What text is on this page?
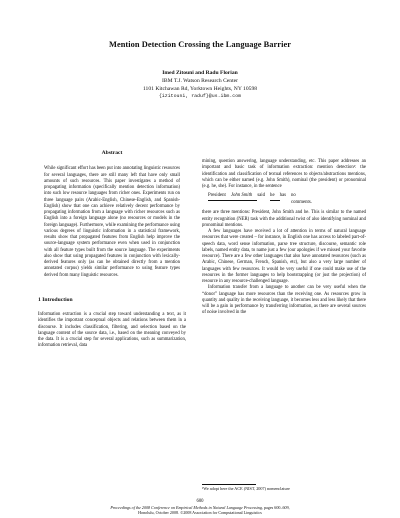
Mention Detection Crossing the Language Barrier
Imed Zitouni and Radu Florian
IBM T.J. Watson Research Center
1101 Kitchawan Rd, Yorktown Heights, NY 10598
{izitouni, raduf}@us.ibm.com
Abstract
While significant effort has been put into annotating linguistic resources for several languages, there are still many left that have only small amounts of such resources. This paper investigates a method of propagating information (specifically mention detection information) into such low resource languages from richer ones. Experiments run on three language pairs (Arabic-English, Chinese-English, and Spanish-English) show that one can achieve relatively decent performance by propagating information from a language with richer resources such as English into a foreign language alone (no resources or models in the foreign language). Furthermore, while examining the performance using various degrees of linguistic information in a statistical framework, results show that propagated features from English help improve the source-language system performance even when used in conjunction with all feature types built from the source language. The experiments also show that using propagated features in conjunction with lexically-derived features only (as can be obtained directly from a mention annotated corpus) yields similar performance to using feature types derived from many linguistic resources.
1 Introduction
Information extraction is a crucial step toward understanding a text, as it identifies the important conceptual objects and relations between them in a discourse. It includes classification, filtering, and selection based on the language content of the source data, i.e., based on the meaning conveyed by the data. It is a crucial step for several applications, such as summarization, information retrieval, data
mining, question answering, language understanding, etc. This paper addresses an important and basic task of information extraction: mention detection¹: the identification and classification of textual references to objects/abstractions mentions, which can be either named (e.g. John Smith), nominal (the president) or pronominal (e.g. he, she). For instance, in the sentence
President	John Smith	said	he	has	no
					comments.
there are three mentions: President, John Smith and he. This is similar to the named entity recognition (NER) task with the additional twist of also identifying nominal and pronominal mentions.
A few languages have received a lot of attention in terms of natural language resources that were created – for instance, in English one has access to labeled part-of-speech data, word sense information, parse tree structure, discourse, semantic role labels, named entity data, to name just a few (our apologies if we missed your favorite resource). There are a few other languages that also have annotated resources (such as Arabic, Chinese, German, French, Spanish, etc), but also a very large number of languages with few resources. It would be very useful if one could make use of the resources in the former languages to help bootstrapping (or just the projection) of resource in any resource-challenged language.
Information transfer from a language to another can be very useful when the “donor” language has more resources than the receiving one. As resources grow in quantity and quality in the receiving language, it becomes less and less likely that there will be a gain in performance by transferring information, as there are several sources of noise involved in the
¹We adopt here the ACE (NIST, 2007) nomenclature
600
Proceedings of the 2008 Conference on Empirical Methods in Natural Language Processing, pages 600–609,
Honolulu, October 2008. ©2008 Association for Computational Linguistics
